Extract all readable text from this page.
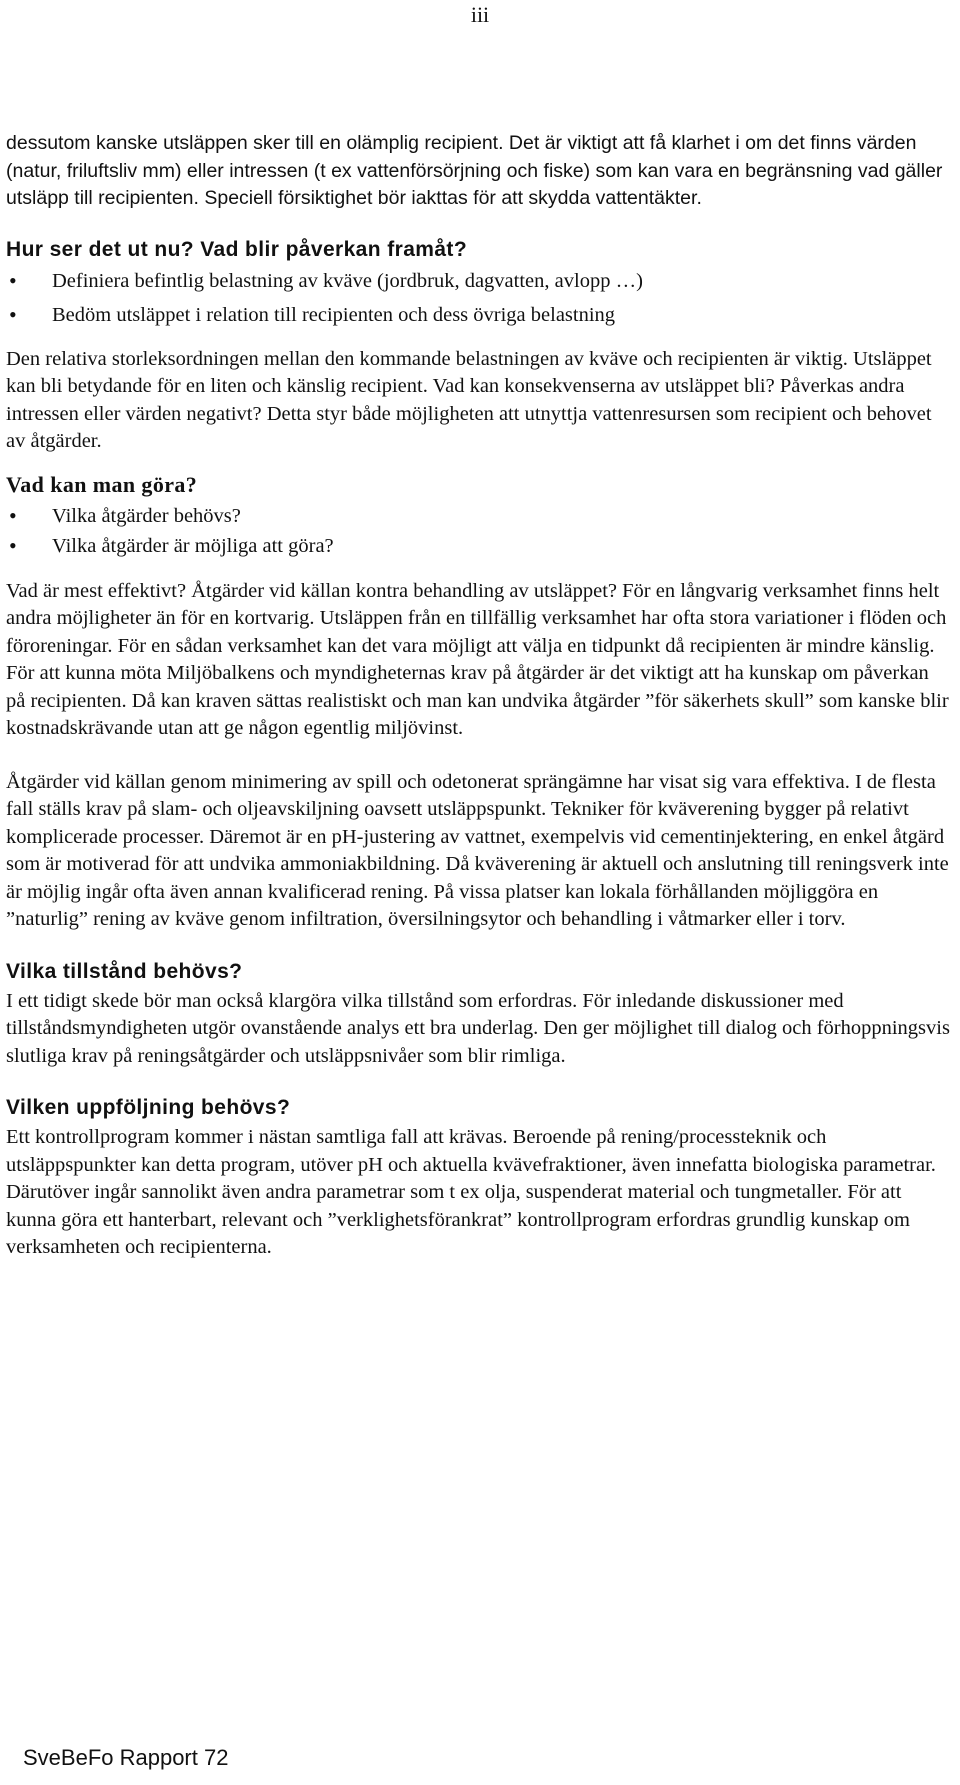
iii

dessutom kanske utsläppen sker till en olämplig recipient. Det är viktigt att få klarhet i om det finns värden (natur, friluftsliv mm) eller intressen (t ex vattenförsörjning och fiske) som kan vara en begränsning vad gäller utsläpp till recipienten. Speciell försiktighet bör iakttas för att skydda vattentäkter.

Hur ser det ut nu? Vad blir påverkan framåt?
• Definiera befintlig belastning av kväve (jordbruk, dagvatten, avlopp …)
• Bedöm utsläppet i relation till recipienten och dess övriga belastning

Den relativa storleksordningen mellan den kommande belastningen av kväve och recipienten är viktig. Utsläppet kan bli betydande för en liten och känslig recipient. Vad kan konsekvenserna av utsläppet bli? Påverkas andra intressen eller värden negativt? Detta styr både möjligheten att utnyttja vattenresursen som recipient och behovet av åtgärder.

Vad kan man göra?
• Vilka åtgärder behövs?
• Vilka åtgärder är möjliga att göra?

Vad är mest effektivt? Åtgärder vid källan kontra behandling av utsläppet? För en långvarig verksamhet finns helt andra möjligheter än för en kortvarig. Utsläppen från en tillfällig verksamhet har ofta stora variationer i flöden och föroreningar. För en sådan verksamhet kan det vara möjligt att välja en tidpunkt då recipienten är mindre känslig. För att kunna möta Miljöbalkens och myndigheternas krav på åtgärder är det viktigt att ha kunskap om påverkan på recipienten. Då kan kraven sättas realistiskt och man kan undvika åtgärder ”för säkerhets skull” som kanske blir kostnadskrävande utan att ge någon egentlig miljövinst.

Åtgärder vid källan genom minimering av spill och odetonerat sprängämne har visat sig vara effektiva. I de flesta fall ställs krav på slam- och oljeavskiljning oavsett utsläppspunkt. Tekniker för kväverening bygger på relativt komplicerade processer. Däremot är en pH-justering av vattnet, exempelvis vid cementinjektering, en enkel åtgärd som är motiverad för att undvika ammoniakbildning. Då kväverening är aktuell och anslutning till reningsverk inte är möjlig ingår ofta även annan kvalificerad rening. På vissa platser kan lokala förhållanden möjliggöra en ”naturlig” rening av kväve genom infiltration, översilningsytor och behandling i våtmarker eller i torv.

Vilka tillstånd behövs?

I ett tidigt skede bör man också klargöra vilka tillstånd som erfordras. För inledande diskussioner med tillståndsmyndigheten utgör ovanstående analys ett bra underlag. Den ger möjlighet till dialog och förhoppningsvis slutliga krav på reningsåtgärder och utsläppsnivåer som blir rimliga.

Vilken uppföljning behövs?

Ett kontrollprogram kommer i nästan samtliga fall att krävas. Beroende på rening/processteknik och utsläppspunkter kan detta program, utöver pH och aktuella kvävefraktioner, även innefatta biologiska parametrar. Därutöver ingår sannolikt även andra parametrar som t ex olja, suspenderat material och tungmetaller. För att kunna göra ett hanterbart, relevant och ”verklighetsförankrat” kontrollprogram erfordras grundlig kunskap om verksamheten och recipienterna.

SveBeFo Rapport 72
